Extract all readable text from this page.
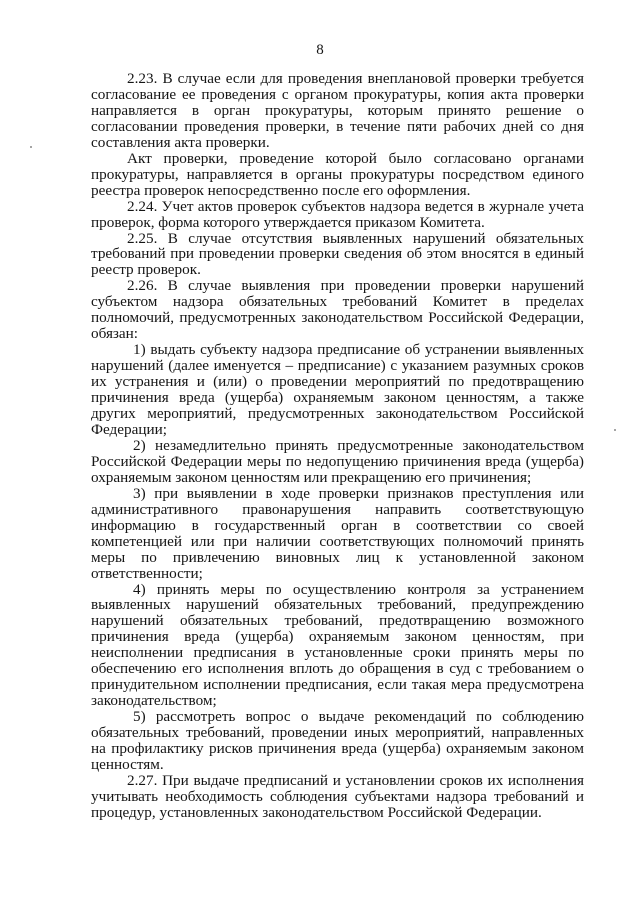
8

2.23. В случае если для проведения внеплановой проверки требуется согласование ее проведения с органом прокуратуры, копия акта проверки направляется в орган прокуратуры, которым принято решение о согласовании проведения проверки, в течение пяти рабочих дней со дня составления акта проверки.

Акт проверки, проведение которой было согласовано органами прокуратуры, направляется в органы прокуратуры посредством единого реестра проверок непосредственно после его оформления.

2.24. Учет актов проверок субъектов надзора ведется в журнале учета проверок, форма которого утверждается приказом Комитета.

2.25. В случае отсутствия выявленных нарушений обязательных требований при проведении проверки сведения об этом вносятся в единый реестр проверок.

2.26. В случае выявления при проведении проверки нарушений субъектом надзора обязательных требований Комитет в пределах полномочий, предусмотренных законодательством Российской Федерации, обязан:

1) выдать субъекту надзора предписание об устранении выявленных нарушений (далее именуется – предписание) с указанием разумных сроков их устранения и (или) о проведении мероприятий по предотвращению причинения вреда (ущерба) охраняемым законом ценностям, а также других мероприятий, предусмотренных законодательством Российской Федерации;

2) незамедлительно принять предусмотренные законодательством Российской Федерации меры по недопущению причинения вреда (ущерба) охраняемым законом ценностям или прекращению его причинения;

3) при выявлении в ходе проверки признаков преступления или административного правонарушения направить соответствующую информацию в государственный орган в соответствии со своей компетенцией или при наличии соответствующих полномочий принять меры по привлечению виновных лиц к установленной законом ответственности;

4) принять меры по осуществлению контроля за устранением выявленных нарушений обязательных требований, предупреждению нарушений обязательных требований, предотвращению возможного причинения вреда (ущерба) охраняемым законом ценностям, при неисполнении предписания в установленные сроки принять меры по обеспечению его исполнения вплоть до обращения в суд с требованием о принудительном исполнении предписания, если такая мера предусмотрена законодательством;

5) рассмотреть вопрос о выдаче рекомендаций по соблюдению обязательных требований, проведении иных мероприятий, направленных на профилактику рисков причинения вреда (ущерба) охраняемым законом ценностям.

2.27. При выдаче предписаний и установлении сроков их исполнения учитывать необходимость соблюдения субъектами надзора требований и процедур, установленных законодательством Российской Федерации.
